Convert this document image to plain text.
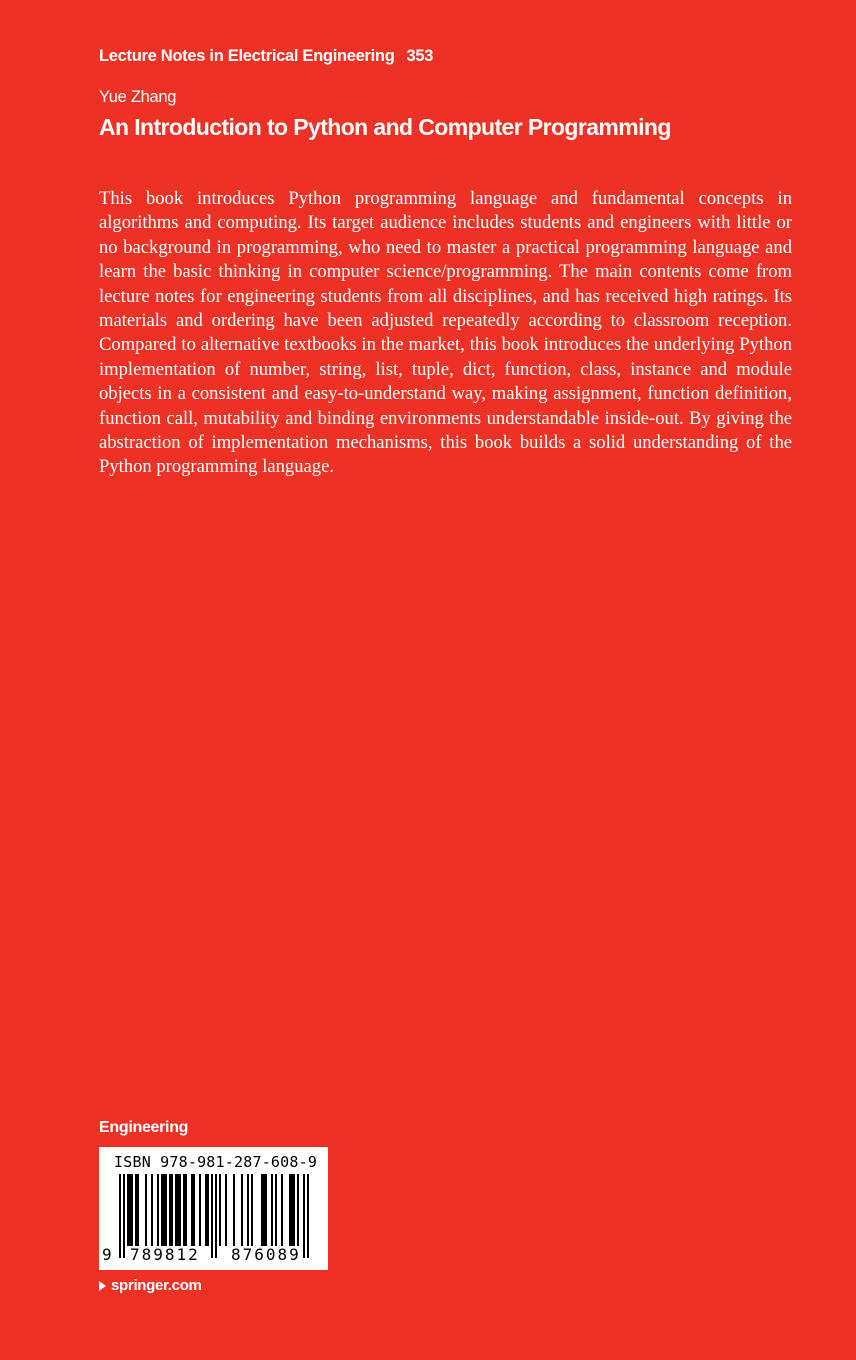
Lecture Notes in Electrical Engineering 353
Yue Zhang
An Introduction to Python and Computer Programming

This book introduces Python programming language and fundamental concepts in algorithms and computing. Its target audience includes students and engineers with little or no background in programming, who need to master a practical programming language and learn the basic thinking in computer science/programming. The main contents come from lecture notes for engineering students from all disciplines, and has received high ratings. Its materials and ordering have been adjusted repeatedly according to classroom reception. Compared to alternative textbooks in the market, this book introduces the underlying Python implementation of number, string, list, tuple, dict, function, class, instance and module objects in a consistent and easy-to-understand way, making assignment, function definition, function call, mutability and binding environments understandable inside-out. By giving the abstraction of implementation mechanisms, this book builds a solid understanding of the Python programming language.

Engineering
ISBN 978-981-287-608-9
9 789812 876089
springer.com
